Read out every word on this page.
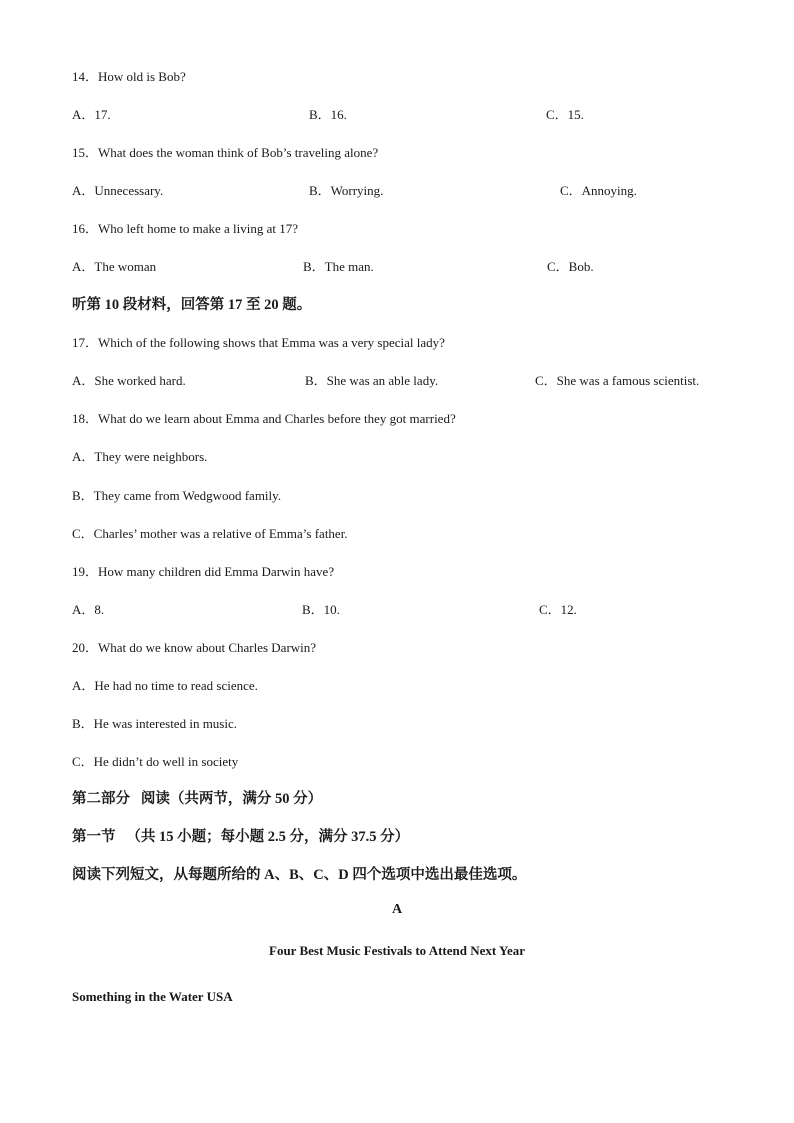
14．How old is Bob?
A．17.	B．16.	C．15.
15．What does the woman think of Bob’s traveling alone?
A．Unnecessary.	B．Worrying.	C．Annoying.
16．Who left home to make a living at 17?
A．The woman	B．The man.	C．Bob.
听第 10 段材料，回答第 17 至 20 题。
17．Which of the following shows that Emma was a very special lady?
A．She worked hard.	B．She was an able lady.	C．She was a famous scientist.
18．What do we learn about Emma and Charles before they got married?
A．They were neighbors.
B．They came from Wedgwood family.
C．Charles’ mother was a relative of Emma’s father.
19．How many children did Emma Darwin have?
A．8.	B．10.	C．12.
20．What do we know about Charles Darwin?
A．He had no time to read science.
B．He was interested in music.
C．He didn’t do well in society
第二部分   阅读（共两节，满分 50 分）
第一节   （共 15 小题；每小题 2.5 分，满分 37.5 分）
阅读下列短文，从每题所给的 A、B、C、D 四个选项中选出最佳选项。
A
Four Best Music Festivals to Attend Next Year
Something in the Water USA
